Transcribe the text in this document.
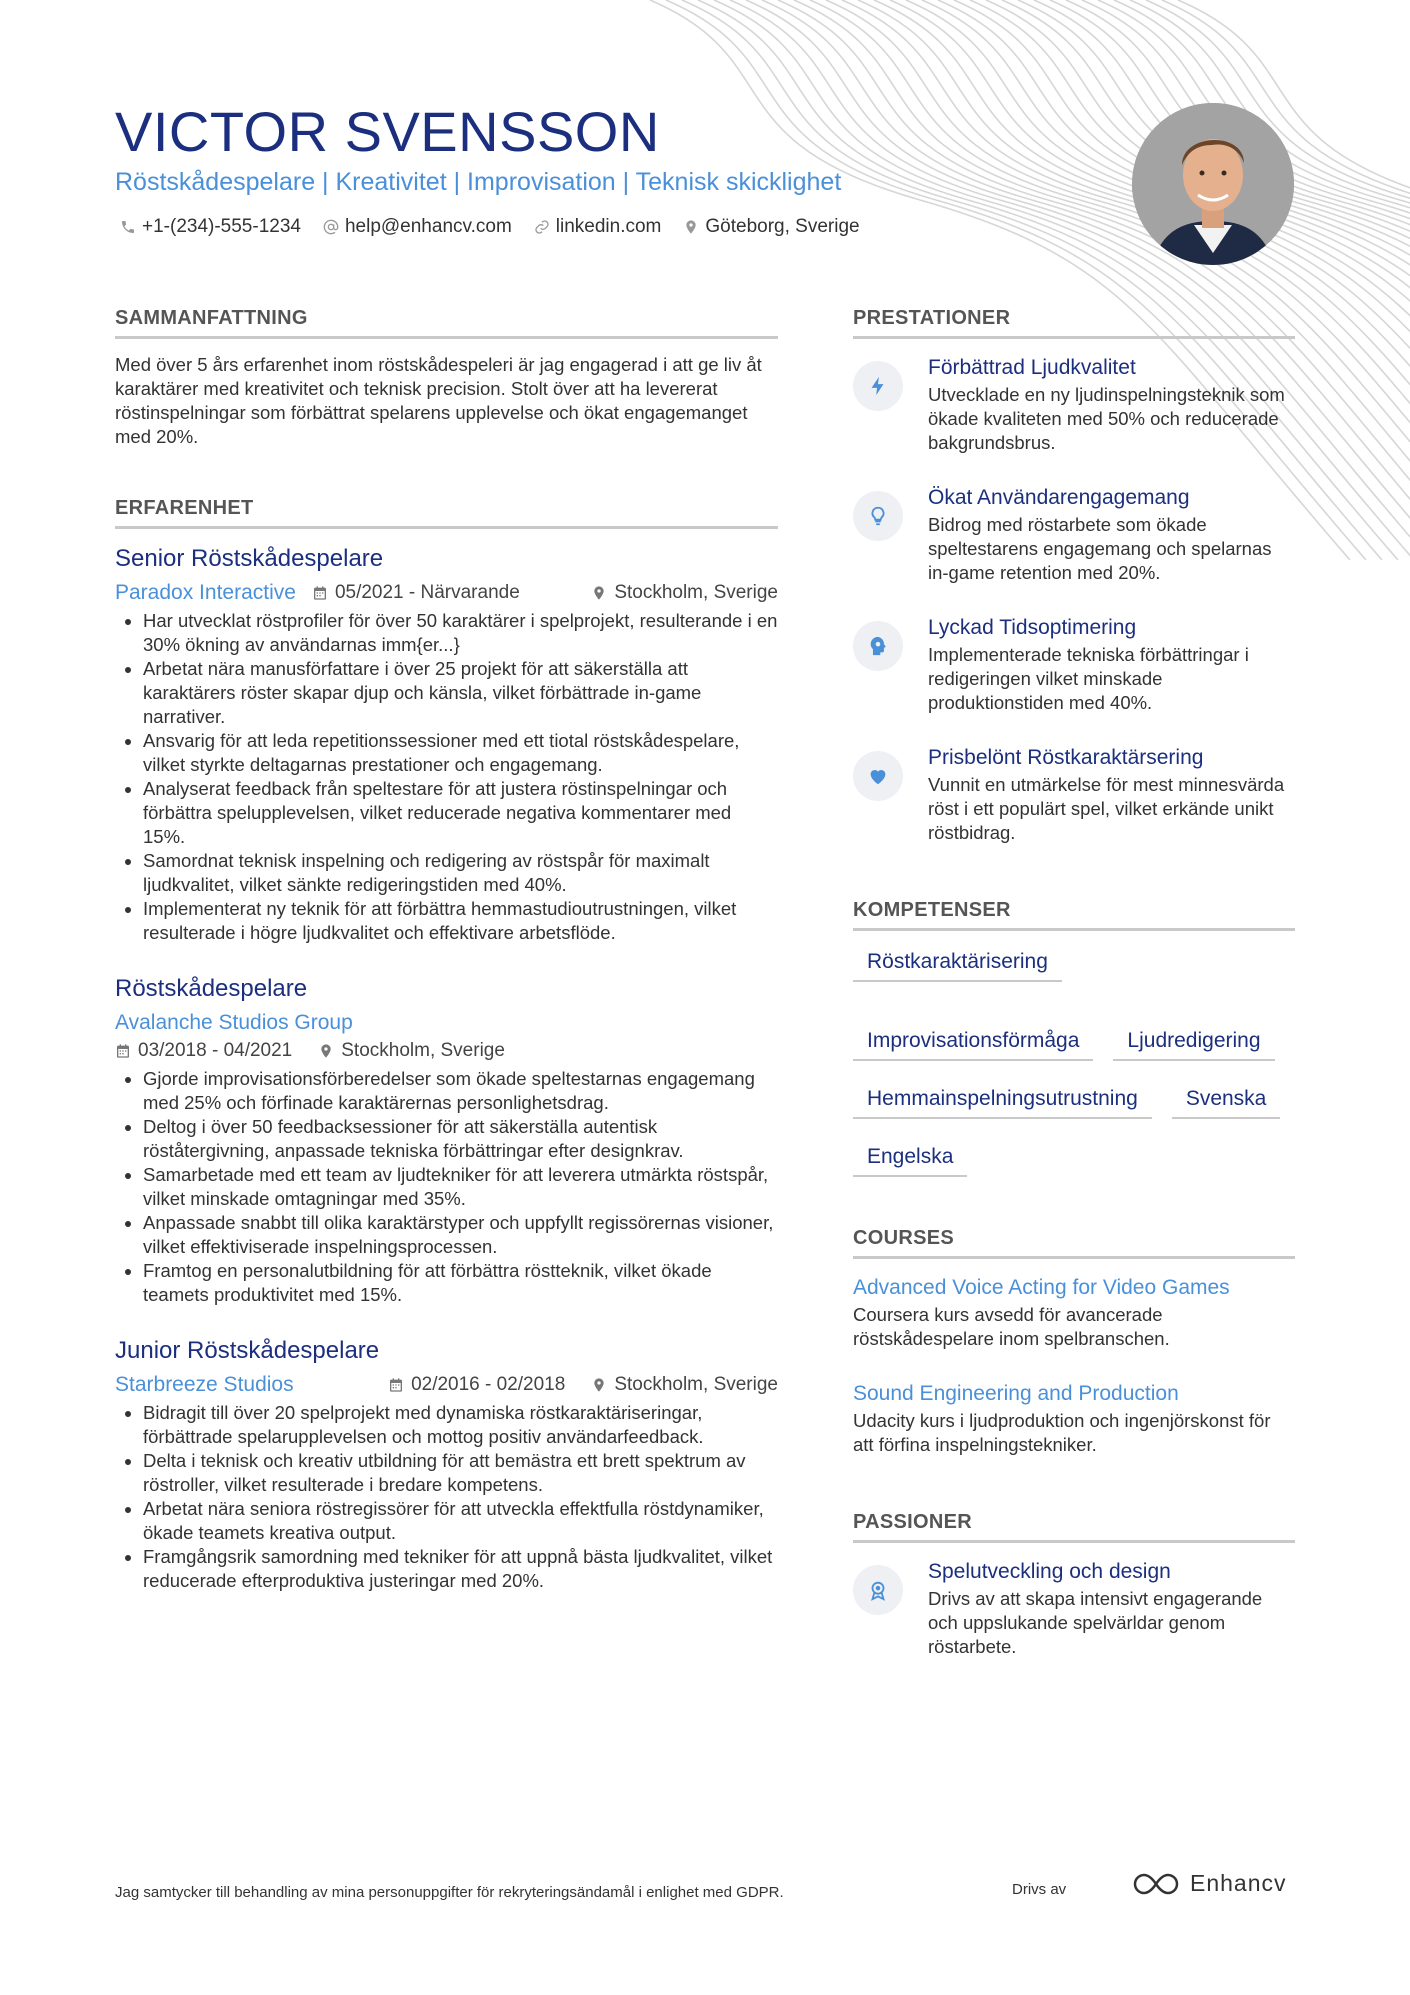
VICTOR SVENSSON
Röstskådespelare | Kreativitet | Improvisation | Teknisk skicklighet
+1-(234)-555-1234 help@enhancv.com linkedin.com Göteborg, Sverige
SAMMANFATTNING

Med över 5 års erfarenhet inom röstskådespeleri är jag engagerad i att ge liv åt karaktärer med kreativitet och teknisk precision. Stolt över att ha levererat röstinspelningar som förbättrat spelarens upplevelse och ökat engagemanget med 20%.

ERFARENHET
Senior Röstskådespelare
Paradox Interactive 05/2021 - Närvarande	Stockholm, Sverige
• Har utvecklat röstprofiler för över 50 karaktärer i spelprojekt, resulterande i en 30% ökning av användarnas imm{er...}
• Arbetat nära manusförfattare i över 25 projekt för att säkerställa att karaktärers röster skapar djup och känsla, vilket förbättrade in-game narrativer.
• Ansvarig för att leda repetitionssessioner med ett tiotal röstskådespelare, vilket styrkte deltagarnas prestationer och engagemang.
• Analyserat feedback från speltestare för att justera röstinspelningar och förbättra spelupplevelsen, vilket reducerade negativa kommentarer med 15%.
• Samordnat teknisk inspelning och redigering av röstspår för maximalt ljudkvalitet, vilket sänkte redigeringstiden med 40%.
• Implementerat ny teknik för att förbättra hemmastudioutrustningen, vilket resulterade i högre ljudkvalitet och effektivare arbetsflöde.
Röstskådespelare
Avalanche Studios Group
03/2018 - 04/2021	Stockholm, Sverige
• Gjorde improvisationsförberedelser som ökade speltestarnas engagemang med 25% och förfinade karaktärernas personlighetsdrag.
• Deltog i över 50 feedbacksessioner för att säkerställa autentisk röståtergivning, anpassade tekniska förbättringar efter designkrav.
• Samarbetade med ett team av ljudtekniker för att leverera utmärkta röstspår, vilket minskade omtagningar med 35%.
• Anpassade snabbt till olika karaktärstyper och uppfyllt regissörernas visioner, vilket effektiviserade inspelningsprocessen.
• Framtog en personalutbildning för att förbättra röstteknik, vilket ökade teamets produktivitet med 15%.
Junior Röstskådespelare
Starbreeze Studios	02/2016 - 02/2018	Stockholm, Sverige
• Bidragit till över 20 spelprojekt med dynamiska röstkaraktäriseringar, förbättrade spelarupplevelsen och mottog positiv användarfeedback.
• Delta i teknisk och kreativ utbildning för att bemästra ett brett spektrum av röstroller, vilket resulterade i bredare kompetens.
• Arbetat nära seniora röstregissörer för att utveckla effektfulla röstdynamiker, ökade teamets kreativa output.
• Framgångsrik samordning med tekniker för att uppnå bästa ljudkvalitet, vilket reducerade efterproduktiva justeringar med 20%.
PRESTATIONER
Förbättrad Ljudkvalitet
Utvecklade en ny ljudinspelningsteknik som ökade kvaliteten med 50% och reducerade bakgrundsbrus.
Ökat Användarengagemang
Bidrog med röstarbete som ökade speltestarens engagemang och spelarnas in-game retention med 20%.
Lyckad Tidsoptimering
Implementerade tekniska förbättringar i redigeringen vilket minskade produktionstiden med 40%.
Prisbelönt Röstkaraktärsering
Vunnit en utmärkelse för mest minnesvärda röst i ett populärt spel, vilket erkände unikt röstbidrag.
KOMPETENSER
Röstkaraktärisering
Improvisationsförmåga	Ljudredigering
Hemmainspelningsutrustning	Svenska
Engelska
COURSES
Advanced Voice Acting for Video Games
Coursera kurs avsedd för avancerade röstskådespelare inom spelbranschen.
Sound Engineering and Production
Udacity kurs i ljudproduktion och ingenjörskonst för att förfina inspelningstekniker.
PASSIONER
Spelutveckling och design
Drivs av att skapa intensivt engagerande och uppslukande spelvärldar genom röstarbete.
Jag samtycker till behandling av mina personuppgifter för rekryteringsändamål i enlighet med GDPR.	Drivs av	Enhancv
